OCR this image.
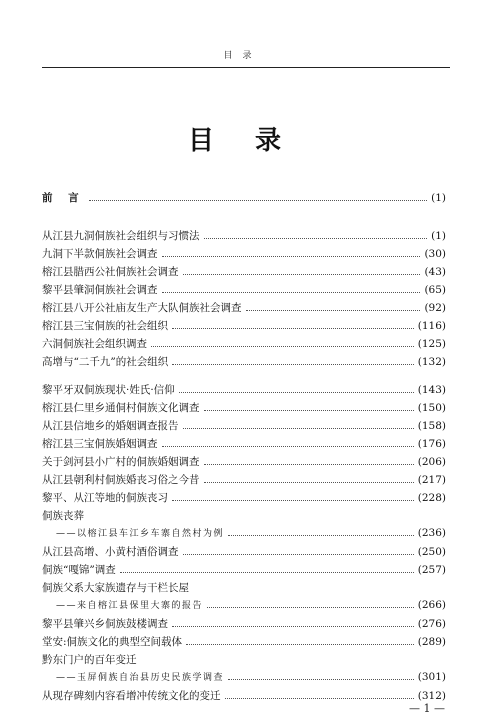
目录
目 录
前 言	(1)
从江县九洞侗族社会组织与习惯法	(1)
九洞下半款侗族社会调查	(30)
榕江县腊西公社侗族社会调查	(43)
黎平县肇洞侗族社会调查	(65)
榕江县八开公社庙友生产大队侗族社会调查	(92)
榕江县三宝侗族的社会组织	(116)
六洞侗族社会组织调查	(125)
高增与“二千九”的社会组织	(132)
黎平牙双侗族现状·姓氏·信仰	(143)
榕江县仁里乡通侗村侗族文化调查	(150)
从江县信地乡的婚姻调查报告	(158)
榕江县三宝侗族婚姻调查	(176)
关于剑河县小广村的侗族婚姻调查	(206)
从江县朝利村侗族婚丧习俗之今昔	(217)
黎平、从江等地的侗族丧习	(228)
侗族丧葬
——以榕江县车江乡车寨自然村为例	(236)
从江县高增、小黄村酒俗调查	(250)
侗族“嘎锦”调查	(257)
侗族父系大家族遗存与干栏长屋
——来自榕江县保里大寨的报告	(266)
黎平县肇兴乡侗族鼓楼调查	(276)
堂安:侗族文化的典型空间载体	(289)
黔东门户的百年变迁
——玉屏侗族自治县历史民族学调查	(301)
从现存碑刻内容看增冲传统文化的变迁	(312)
— 1 —
